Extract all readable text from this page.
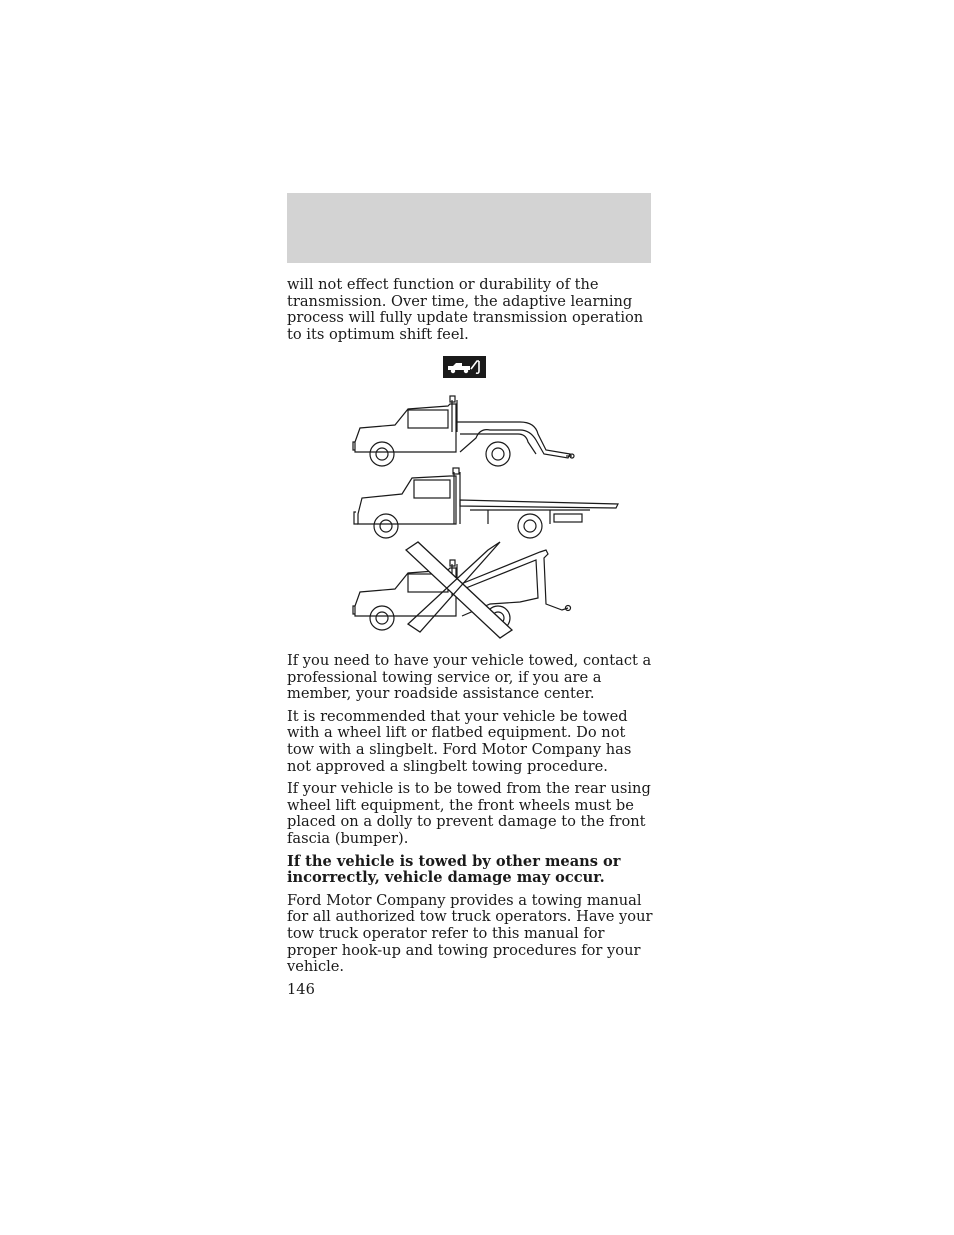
will not effect function or durability of the transmission. Over time, the adaptive learning process will fully update transmission operation to its optimum shift feel.

If you need to have your vehicle towed, contact a professional towing service or, if you are a member, your roadside assistance center.

It is recommended that your vehicle be towed with a wheel lift or flatbed equipment. Do not tow with a slingbelt. Ford Motor Company has not approved a slingbelt towing procedure.

If your vehicle is to be towed from the rear using wheel lift equipment, the front wheels must be placed on a dolly to prevent damage to the front fascia (bumper).

If the vehicle is towed by other means or incorrectly, vehicle damage may occur.

Ford Motor Company provides a towing manual for all authorized tow truck operators. Have your tow truck operator refer to this manual for proper hook-up and towing procedures for your vehicle.

146
